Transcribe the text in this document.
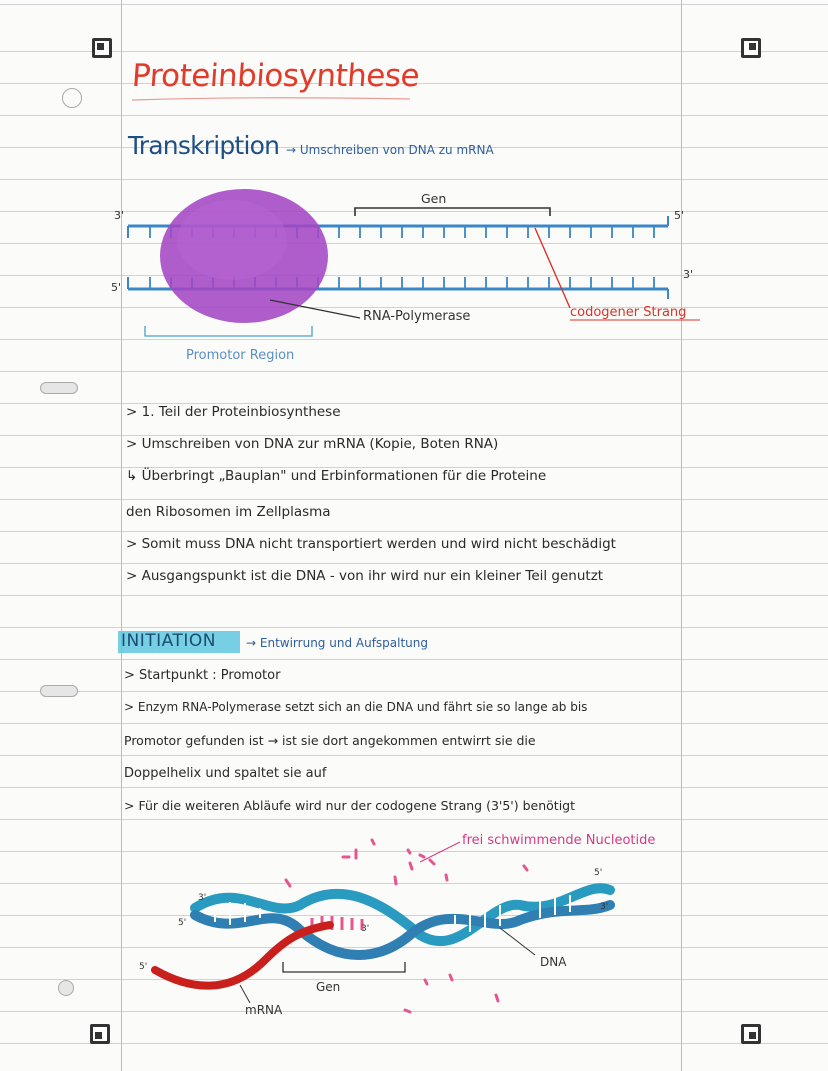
Proteinbiosynthese
Transkription → Umschreiben von DNA zu mRNA
Gen
3'	5'
5'
3'
RNA-Polymerase	codogener Strang
Promotor Region
> 1. Teil der Proteinbiosynthese
> Umschreiben von DNA zur mRNA (Kopie, Boten RNA)
↳ Überbringt „Bauplan" und Erbinformationen für die Proteine
den Ribosomen im Zellplasma
> Somit muss DNA nicht transportiert werden und wird nicht beschädigt
> Ausgangspunkt ist die DNA - von ihr wird nur ein kleiner Teil genutzt
INITIATION	→ Entwirrung und Aufspaltung
> Startpunkt : Promotor
> Enzym RNA-Polymerase setzt sich an die DNA und fährt sie so lange ab bis
Promotor gefunden ist → ist sie dort angekommen entwirrt sie die
Doppelhelix und spaltet sie auf
> Für die weiteren Abläufe wird nur der codogene Strang (3'5') benötigt
frei schwimmende Nucleotide
DNA
Gen
mRNA
3'
5'
5'
3'
3'
5'
